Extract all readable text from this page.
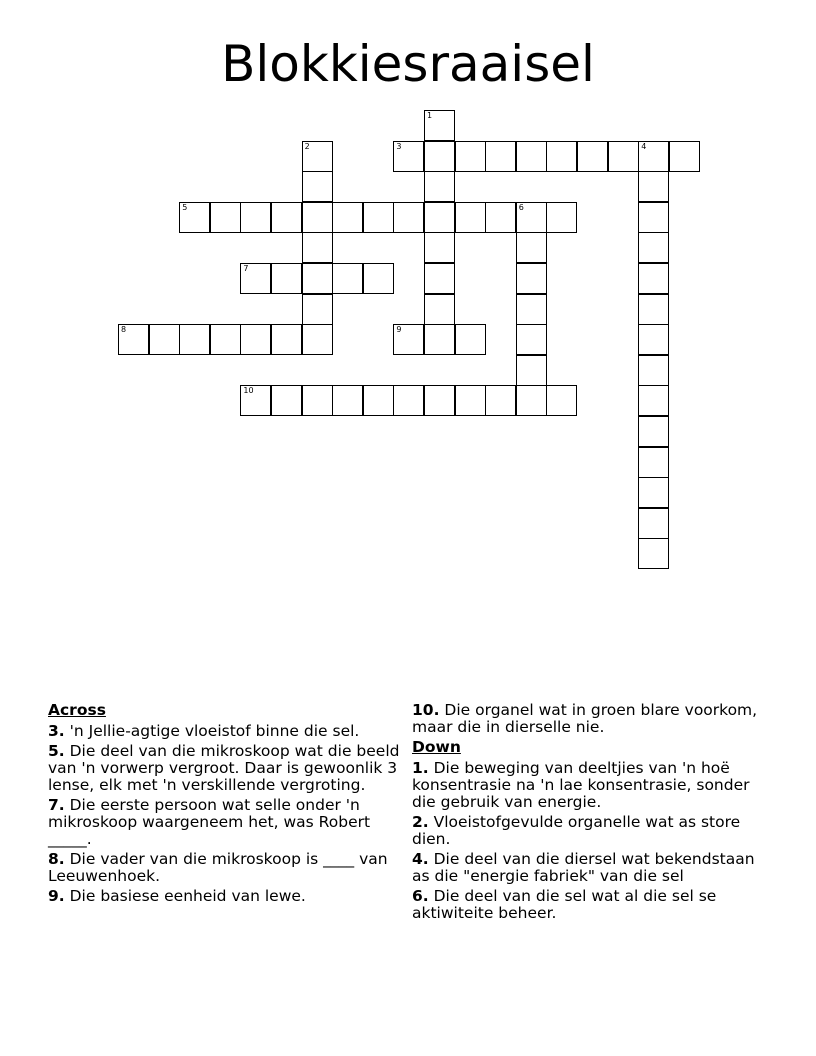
Blokkiesraaisel
1
2	3	4
5	6
7
8	9
10
Across
3. 'n Jellie-agtige vloeistof binne die sel.
5. Die deel van die mikroskoop wat die beeld van 'n vorwerp vergroot. Daar is gewoonlik 3 lense, elk met 'n verskillende vergroting.
7. Die eerste persoon wat selle onder 'n mikroskoop waargeneem het, was Robert _____.
8. Die vader van die mikroskoop is ____ van Leeuwenhoek.
9. Die basiese eenheid van lewe.
10. Die organel wat in groen blare voorkom, maar die in dierselle nie.
Down
1. Die beweging van deeltjies van 'n hoë konsentrasie na 'n lae konsentrasie, sonder die gebruik van energie.
2. Vloeistofgevulde organelle wat as store dien.
4. Die deel van die diersel wat bekendstaan as die "energie fabriek" van die sel
6. Die deel van die sel wat al die sel se aktiwiteite beheer.
